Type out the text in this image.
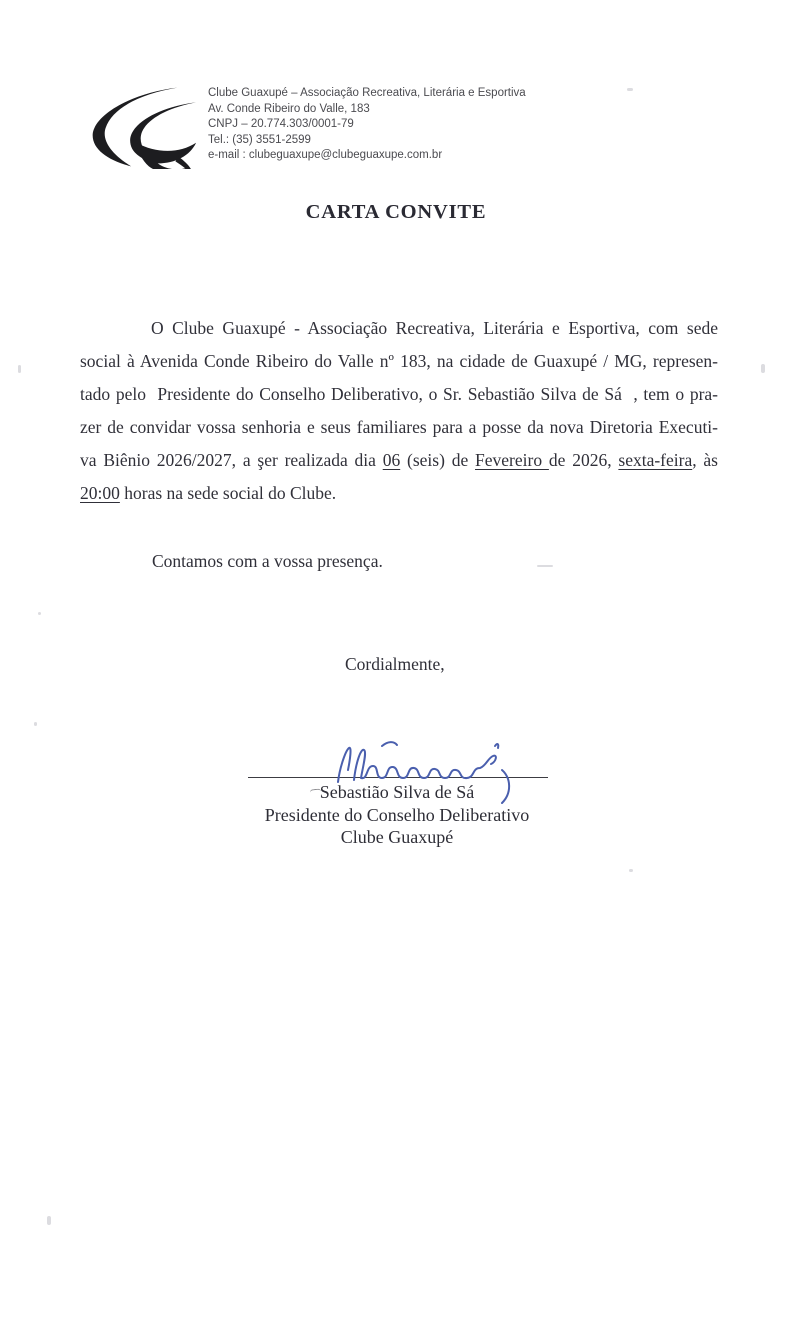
Clube Guaxupé – Associação Recreativa, Literária e Esportiva
Av. Conde Ribeiro do Valle, 183
CNPJ – 20.774.303/0001-79
Tel.: (35) 3551-2599
e-mail : clubeguaxupe@clubeguaxupe.com.br
CARTA CONVITE
O Clube Guaxupé - Associação Recreativa, Literária e Esportiva, com sede
social à Avenida Conde Ribeiro do Valle nº 183, na cidade de Guaxupé / MG, represen-
tado pelo  Presidente do Conselho Deliberativo, o Sr. Sebastião Silva de Sá  , tem o pra-
zer de convidar vossa senhoria e seus familiares para a posse da nova Diretoria Executi-
va Biênio 2026/2027, a şer realizada dia 06 (seis) de Fevereiro de 2026, sexta-feira, às
20:00 horas na sede social do Clube.
Contamos com a vossa presença.
Cordialmente,
Sebastião Silva de Sá
Presidente do Conselho Deliberativo
Clube Guaxupé
